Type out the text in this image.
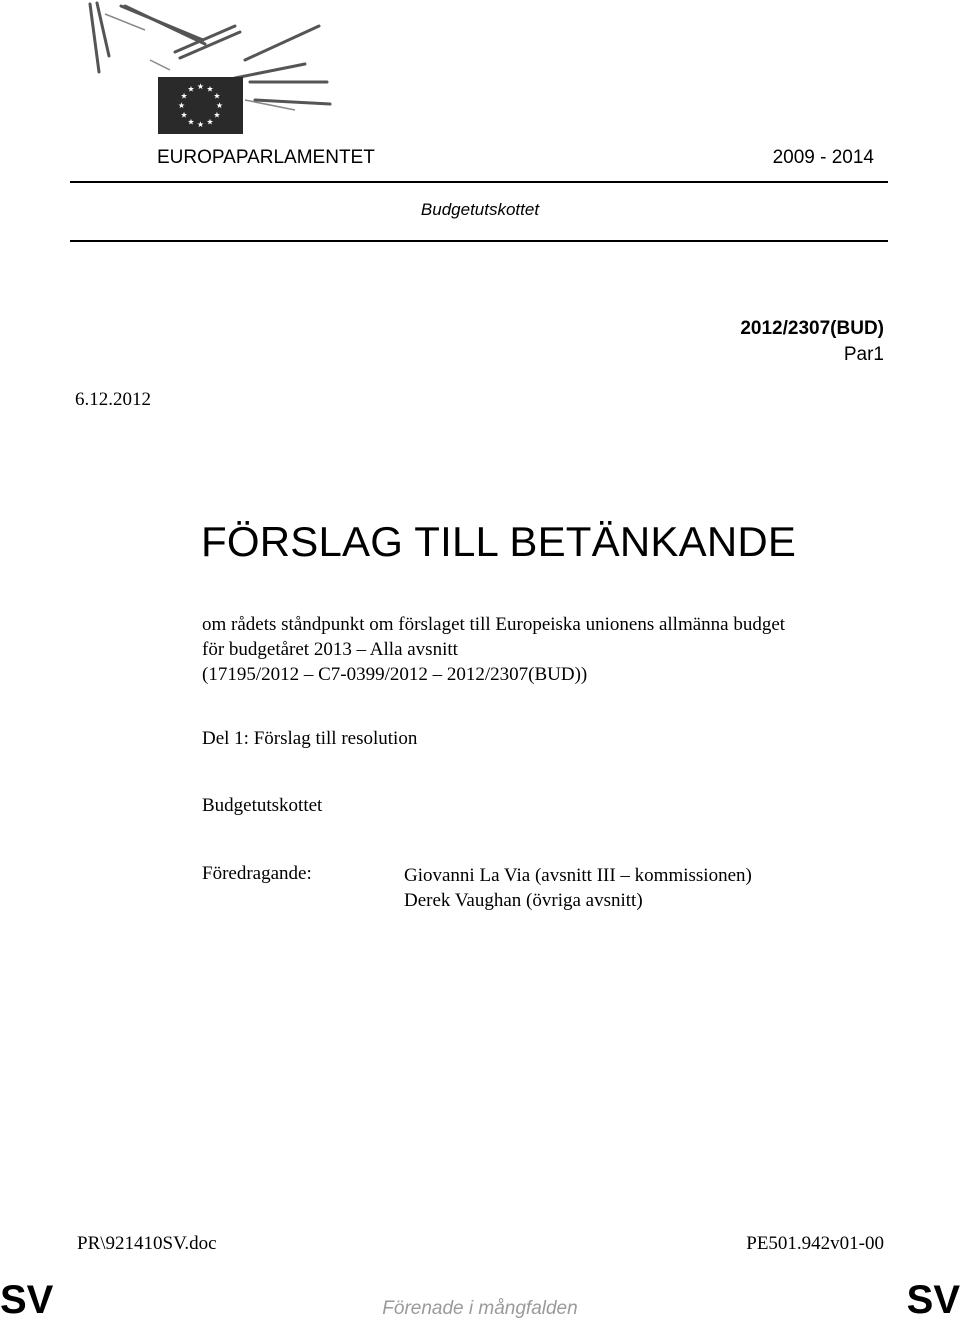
EUROPAPARLAMENTET	2009 - 2014
Budgetutskottet
2012/2307(BUD)
Par1
6.12.2012
FÖRSLAG TILL BETÄNKANDE
om rådets ståndpunkt om förslaget till Europeiska unionens allmänna budget
för budgetåret 2013 – Alla avsnitt
(17195/2012 – C7-0399/2012 – 2012/2307(BUD))
Del 1: Förslag till resolution
Budgetutskottet
Föredragande:	Giovanni La Via (avsnitt III – kommissionen)
Derek Vaughan (övriga avsnitt)
PR\921410SV.doc	PE501.942v01-00
SV	Förenade i mångfalden	SV
